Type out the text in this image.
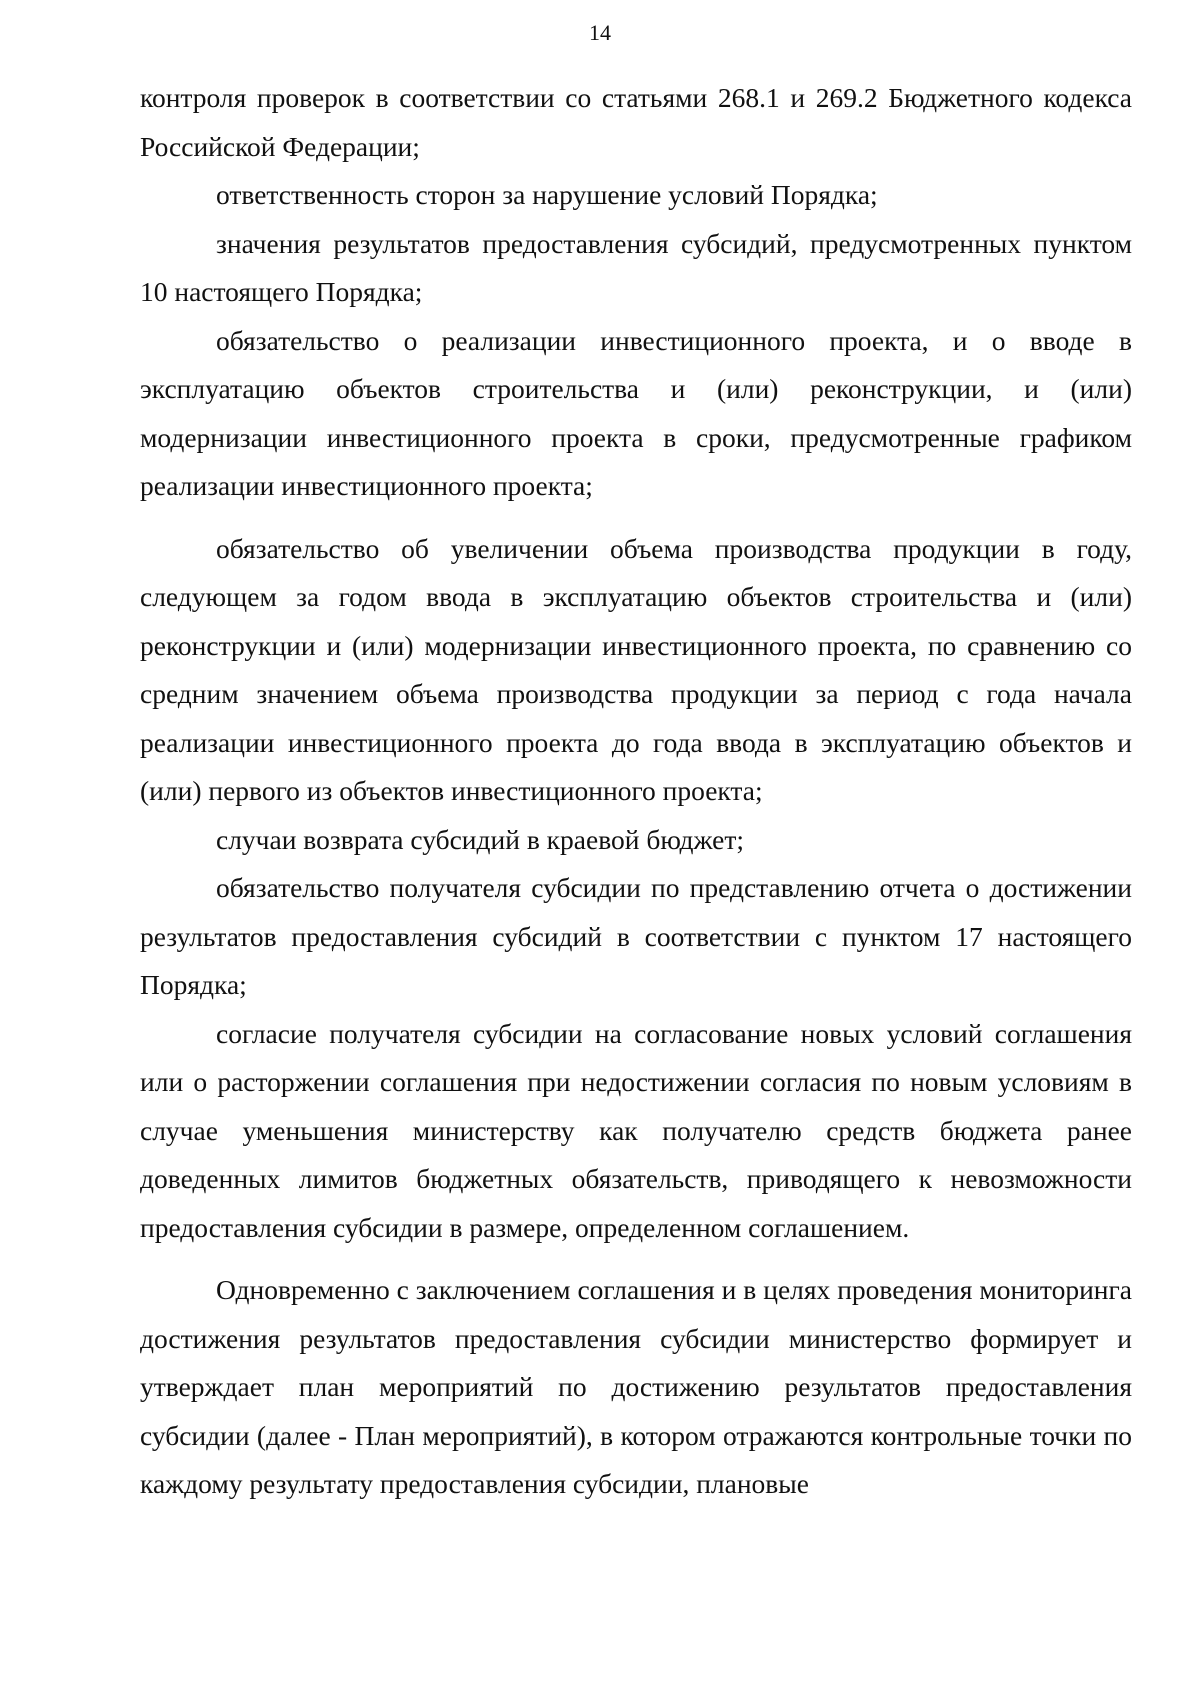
14

контроля проверок в соответствии со статьями 268.1 и 269.2 Бюджетного кодекса Российской Федерации;

ответственность сторон за нарушение условий Порядка;

значения результатов предоставления субсидий, предусмотренных пунктом 10 настоящего Порядка;

обязательство о реализации инвестиционного проекта, и о вводе в эксплуатацию объектов строительства и (или) реконструкции, и (или) модернизации инвестиционного проекта в сроки, предусмотренные графиком реализации инвестиционного проекта;

обязательство об увеличении объема производства продукции в году, следующем за годом ввода в эксплуатацию объектов строительства и (или) реконструкции и (или) модернизации инвестиционного проекта, по сравнению со средним значением объема производства продукции за период с года начала реализации инвестиционного проекта до года ввода в эксплуатацию объектов и (или) первого из объектов инвестиционного проекта;

случаи возврата субсидий в краевой бюджет;

обязательство получателя субсидии по представлению отчета о достижении результатов предоставления субсидий в соответствии с пунктом 17 настоящего Порядка;

согласие получателя субсидии на согласование новых условий соглашения или о расторжении соглашения при недостижении согласия по новым условиям в случае уменьшения министерству как получателю средств бюджета ранее доведенных лимитов бюджетных обязательств, приводящего к невозможности предоставления субсидии в размере, определенном соглашением.

Одновременно с заключением соглашения и в целях проведения мониторинга достижения результатов предоставления субсидии министерство формирует и утверждает план мероприятий по достижению результатов предоставления субсидии (далее - План мероприятий), в котором отражаются контрольные точки по каждому результату предоставления субсидии, плановые
